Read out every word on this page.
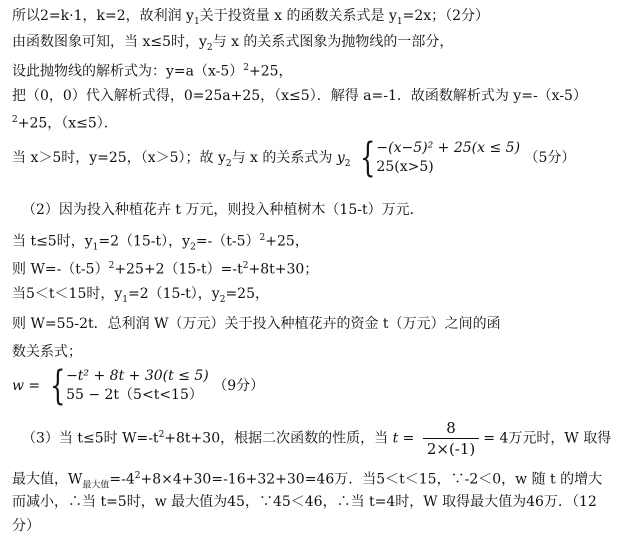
所以2=k·1，k=2，故利润 $y_1$关于投资量 x 的函数关系式是 $y_1=2x$；（2分）
由函数图象可知，当 x≤5时，$y_2$与 x 的关系式图象为抛物线的一部分，
设此抛物线的解析式为：$y=a(x-5)^2+25$，
把（0，0）代入解析式得，0=25a+25，（x≤5）．解得 a=-1．故函数解析式为 y=-（x-5）
$^2$+25，（x≤5）．
当 x＞5时，y=25，（x＞5）；故 $y_2$与 x 的关系式为 $y_2$ { −(x−5)² + 25(x ≤ 5)
25(x>5)
（5分）
（2）因为投入种植花卉 t 万元，则投入种植树木（15-t）万元．
当 t≤5时，$y_1=2(15-t)$，$y_2=-(t-5)^2+25$，
则 $W=-(t-5)^2+25+2(15-t)=-t^2+8t+30$；
当5＜t＜15时，$y_1=2(15-t)$，$y_2=25$，
则 W=55-2t．总利润 W（万元）关于投入种植花卉的资金 t（万元）之间的函
数关系式；
w = { −t² + 8t + 30(t ≤ 5)
55 − 2t（5<t<15）
（9分）
（3）当 t≤5时 $W=-t^2+8t+30$，根据二次函数的性质，当 $t = \frac{8}{2\times(-1)} = 4$万元时，W 取得
最大值，$W_{最大值}=-4^2+8\times 4+30=-16+32+30=46$万．当5＜t＜15，∵-2＜0，w 随 t 的增大
而减小，∴当 t=5时，w 最大值为45，∵45＜46，∴当 t=4时，W 取得最大值为46万．（12
分）
